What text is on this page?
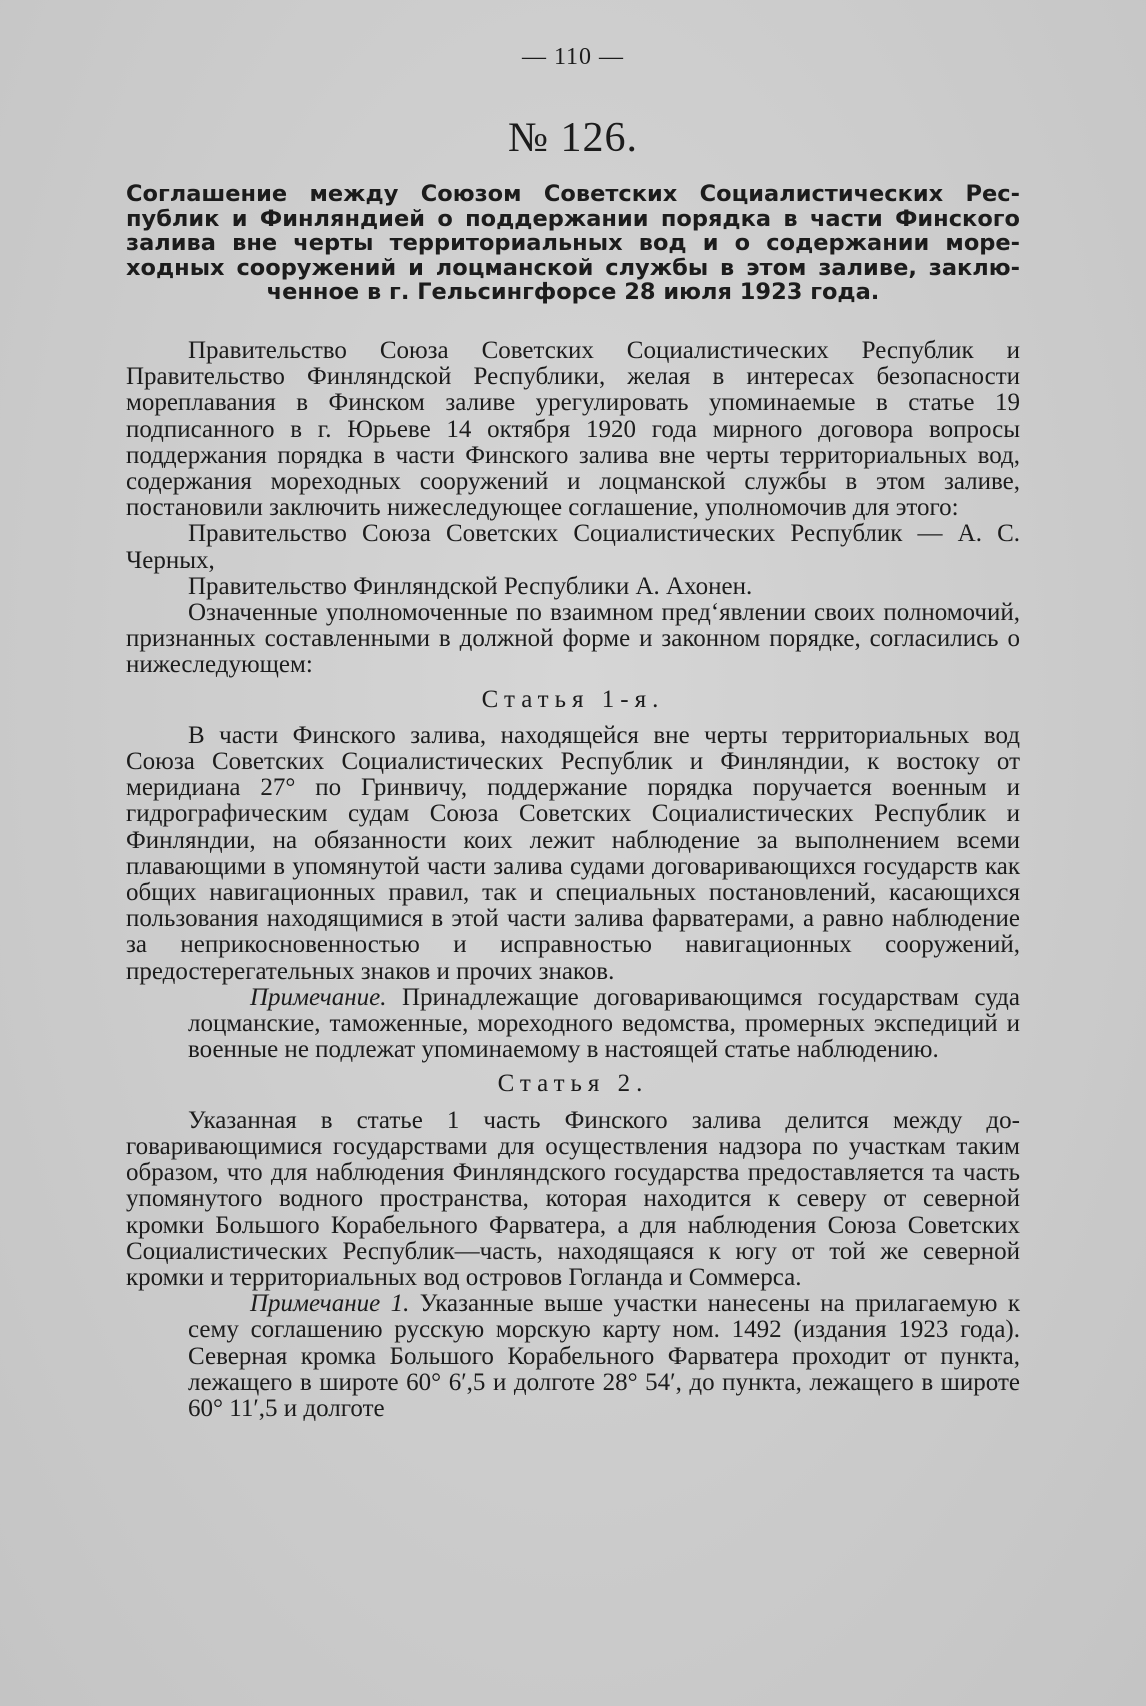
— 110 —
№ 126.
Соглашение между Союзом Советских Социалистических Республик и Финляндией о поддержании порядка в части Финского залива вне черты территориальных вод и о содержании мореходных сооружений и лоцманской службы в этом заливе, заключенное в г. Гельсингфорсе 28 июля 1923 года.

Правительство Союза Советских Социалистических Республик и Правительство Финляндской Республики, желая в интересах безопасности мореплавания в Финском заливе урегулировать упоминаемые в статье 19 подписанного в г. Юрьеве 14 октября 1920 года мирного договора вопросы поддержания порядка в части Финского залива вне черты территориальных вод, содержания мореходных сооружений и лоцманской службы в этом заливе, постановили заключить нижеследующее соглашение, уполномочив для этого:

Правительство Союза Советских Социалистических Республик — А. С. Черных,

Правительство Финляндской Республики А. Ахонен.

Означенные уполномоченные по взаимном пред‘явлении своих полномочий, признанных составленными в должной форме и законном порядке, согласились о нижеследующем:

Статья 1-я.

В части Финского залива, находящейся вне черты территориальных вод Союза Советских Социалистических Республик и Финляндии, к востоку от меридиана 27° по Гринвичу, поддержание порядка поручается военным и гидрографическим судам Союза Советских Социалистических Республик и Финляндии, на обязанности коих лежит наблюдение за выполнением всеми плавающими в упомянутой части залива судами договаривающихся государств как общих навигационных правил, так и специальных постановлений, касающихся пользования находящимися в этой части залива фарватерами, а равно наблюдение за неприкосновенностью и исправностью навигационных сооружений, предостерегательных знаков и прочих знаков.

Примечание. Принадлежащие договаривающимся государствам суда лоцманские, таможенные, мореходного ведомства, промерных экспедиций и военные не подлежат упоминаемому в настоящей статье наблюдению.

Статья 2.

Указанная в статье 1 часть Финского залива делится между договаривающимися государствами для осуществления надзора по участкам таким образом, что для наблюдения Финляндского государства предоставляется та часть упомянутого водного пространства, которая находится к северу от северной кромки Большого Корабельного Фарватера, а для наблюдения Союза Советских Социалистических Республик—часть, находящаяся к югу от той же северной кромки и территориальных вод островов Гогланда и Соммерса.

Примечание 1. Указанные выше участки нанесены на прилагаемую к сему соглашению русскую морскую карту ном. 1492 (издания 1923 года). Северная кромка Большого Корабельного Фарватера проходит от пункта, лежащего в широте 60° 6′,5 и долготе 28° 54′, до пункта, лежащего в широте 60° 11′,5 и долготе
